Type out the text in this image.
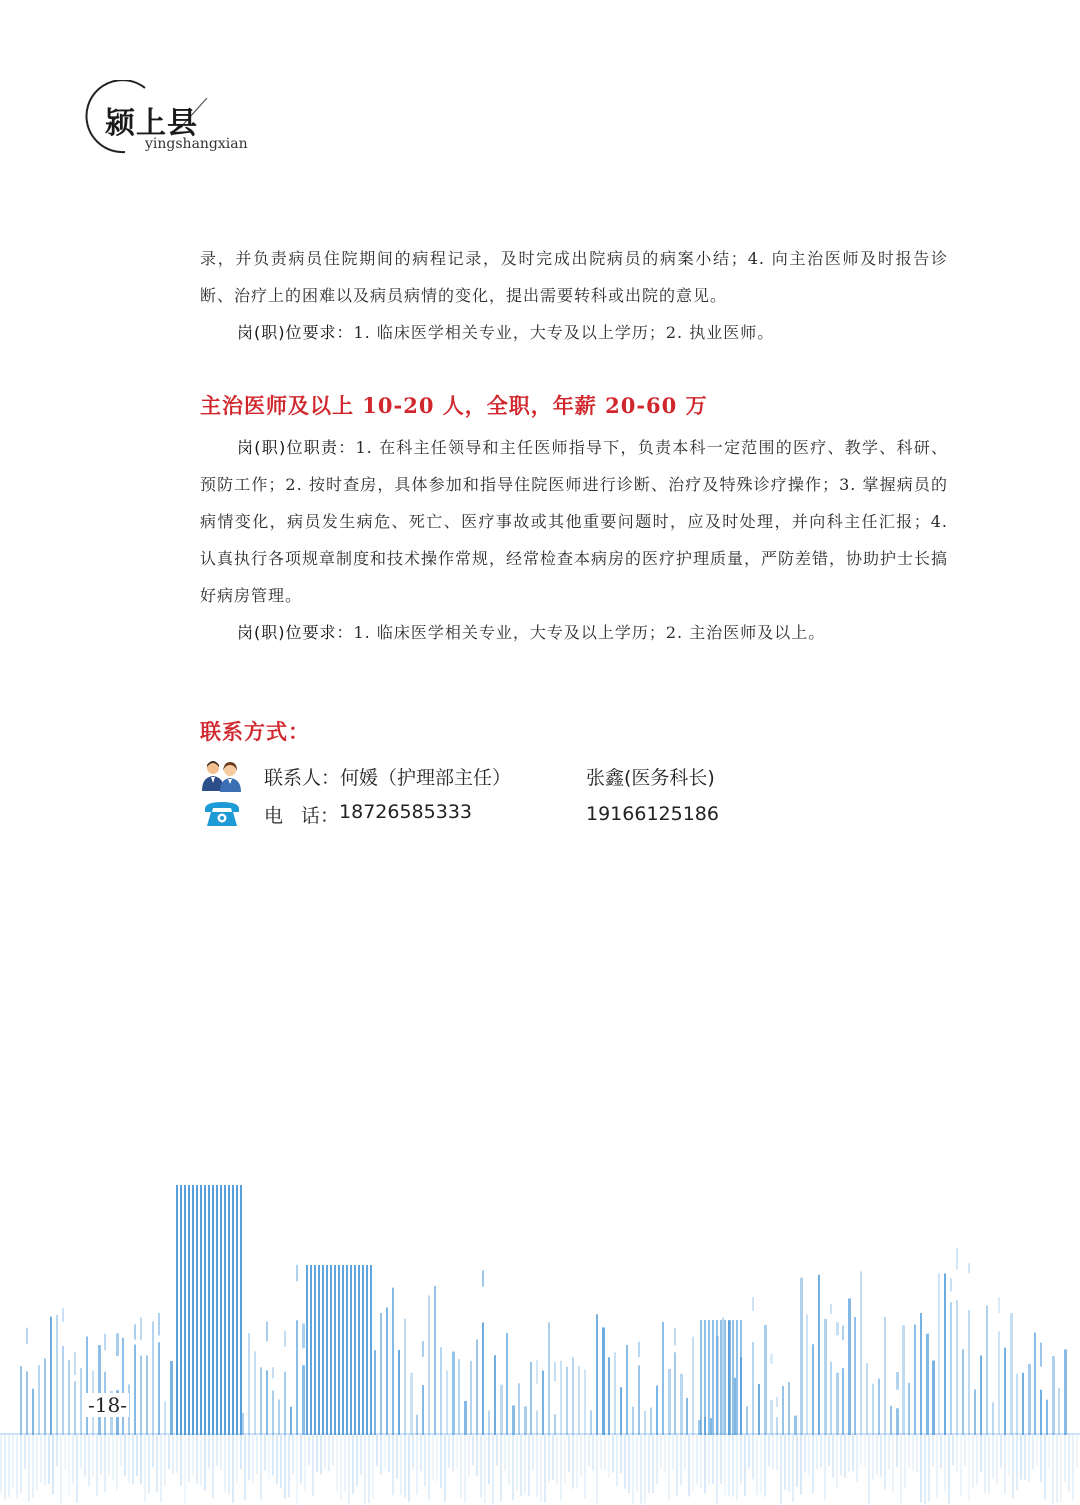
颍上县
yingshangxian

录，并负责病员住院期间的病程记录，及时完成出院病员的病案小结；4. 向主治医师及时报告诊断、治疗上的困难以及病员病情的变化，提出需要转科或出院的意见。

岗(职)位要求：1. 临床医学相关专业，大专及以上学历；2. 执业医师。

主治医师及以上 10-20 人，全职，年薪 20-60 万

岗(职)位职责：1. 在科主任领导和主任医师指导下，负责本科一定范围的医疗、教学、科研、预防工作；2. 按时查房，具体参加和指导住院医师进行诊断、治疗及特殊诊疗操作；3. 掌握病员的病情变化，病员发生病危、死亡、医疗事故或其他重要问题时，应及时处理，并向科主任汇报；4. 认真执行各项规章制度和技术操作常规，经常检查本病房的医疗护理质量，严防差错，协助护士长搞好病房管理。

岗(职)位要求：1. 临床医学相关专业，大专及以上学历；2. 主治医师及以上。

联系方式：
联系人： 何媛（护理部主任）	张鑫(医务科长)
电 话： 18726585333	19166125186
-18-
